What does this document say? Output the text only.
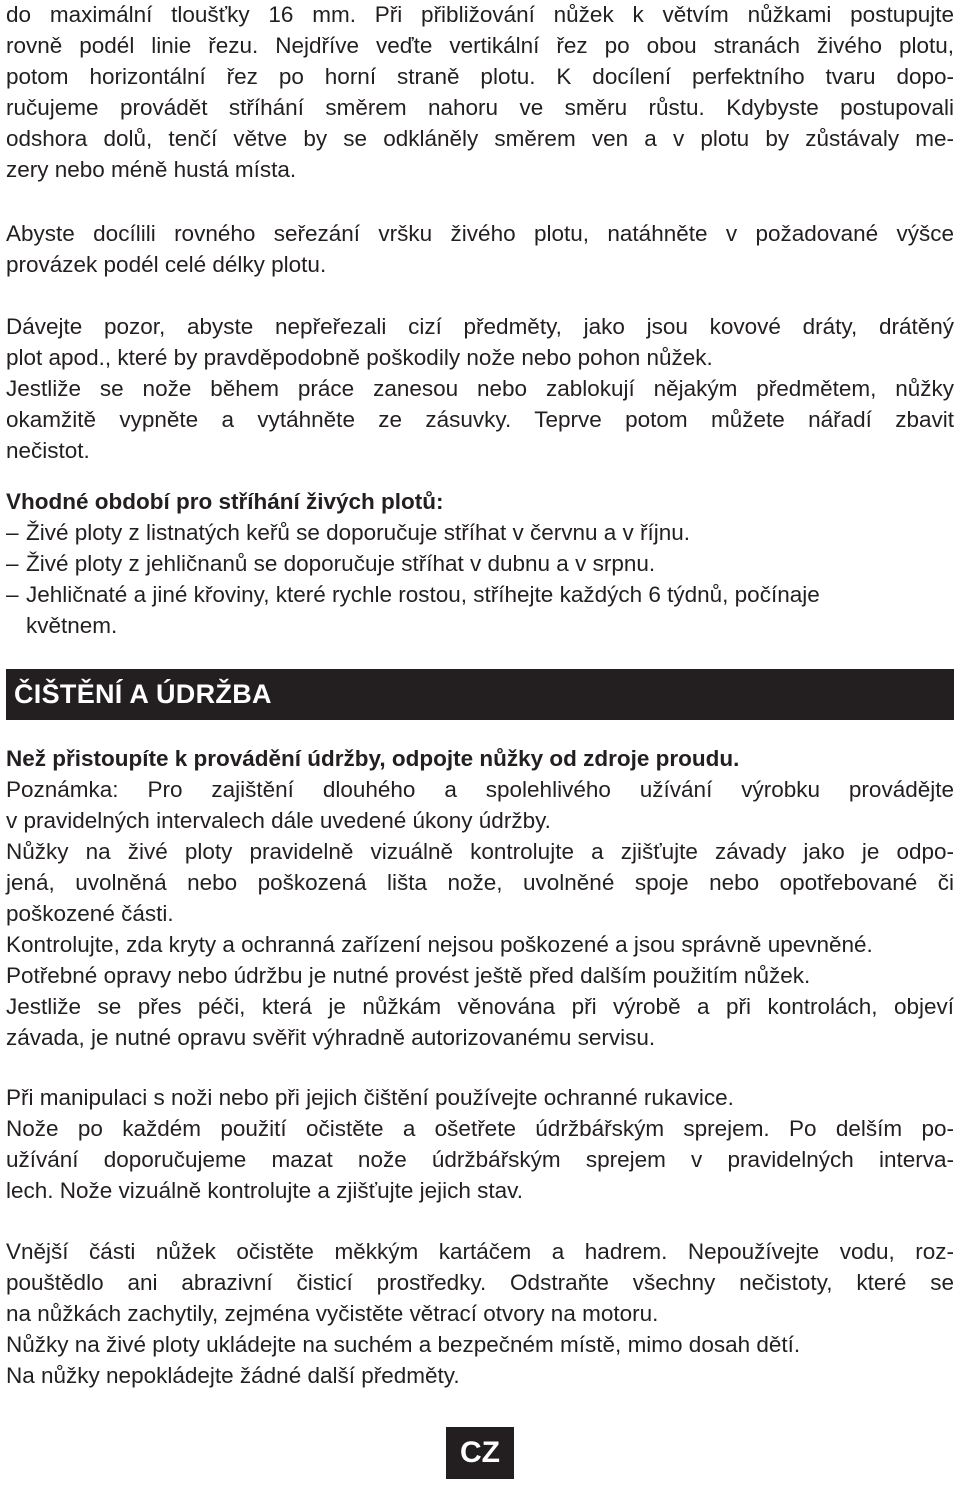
do maximální tloušťky 16 mm. Při přibližování nůžek k větvím nůžkami postupujte
rovně podél linie řezu. Nejdříve veďte vertikální řez po obou stranách živého plotu,
potom horizontální řez po horní straně plotu. K docílení perfektního tvaru dopo-
ručujeme provádět stříhání směrem nahoru ve směru růstu. Kdybyste postupovali
odshora dolů, tenčí větve by se odkláněly směrem ven a v plotu by zůstávaly me-
zery nebo méně hustá místa.
Abyste docílili rovného seřezání vršku živého plotu, natáhněte v požadované výšce
provázek podél celé délky plotu.
Dávejte pozor, abyste nepřeřezali cizí předměty, jako jsou kovové dráty, drátěný
plot apod., které by pravděpodobně poškodily nože nebo pohon nůžek.
Jestliže se nože během práce zanesou nebo zablokují nějakým předmětem, nůžky
okamžitě vypněte a vytáhněte ze zásuvky. Teprve potom můžete nářadí zbavit
nečistot.
Vhodné období pro stříhání živých plotů:
– Živé ploty z listnatých keřů se doporučuje stříhat v červnu a v říjnu.
– Živé ploty z jehličnanů se doporučuje stříhat v dubnu a v srpnu.
– Jehličnaté a jiné křoviny, které rychle rostou, stříhejte každých 6 týdnů, počínaje
květnem.
ČIŠTĚNÍ A ÚDRŽBA
Než přistoupíte k provádění údržby, odpojte nůžky od zdroje proudu.
Poznámka: Pro zajištění dlouhého a spolehlivého užívání výrobku provádějte
v pravidelných intervalech dále uvedené úkony údržby.
Nůžky na živé ploty pravidelně vizuálně kontrolujte a zjišťujte závady jako je odpo-
jená, uvolněná nebo poškozená lišta nože, uvolněné spoje nebo opotřebované či
poškozené části.
Kontrolujte, zda kryty a ochranná zařízení nejsou poškozené a jsou správně upevněné.
Potřebné opravy nebo údržbu je nutné provést ještě před dalším použitím nůžek.
Jestliže se přes péči, která je nůžkám věnována při výrobě a při kontrolách, objeví
závada, je nutné opravu svěřit výhradně autorizovanému servisu.
Při manipulaci s noži nebo při jejich čištění používejte ochranné rukavice.
Nože po každém použití očistěte a ošetřete údržbářským sprejem. Po delším po-
užívání doporučujeme mazat nože údržbářským sprejem v pravidelných interva-
lech. Nože vizuálně kontrolujte a zjišťujte jejich stav.
Vnější části nůžek očistěte měkkým kartáčem a hadrem. Nepoužívejte vodu, roz-
pouštědlo ani abrazivní čisticí prostředky. Odstraňte všechny nečistoty, které se
na nůžkách zachytily, zejména vyčistěte větrací otvory na motoru.
Nůžky na živé ploty ukládejte na suchém a bezpečném místě, mimo dosah dětí.
Na nůžky nepokládejte žádné další předměty.
CZ
